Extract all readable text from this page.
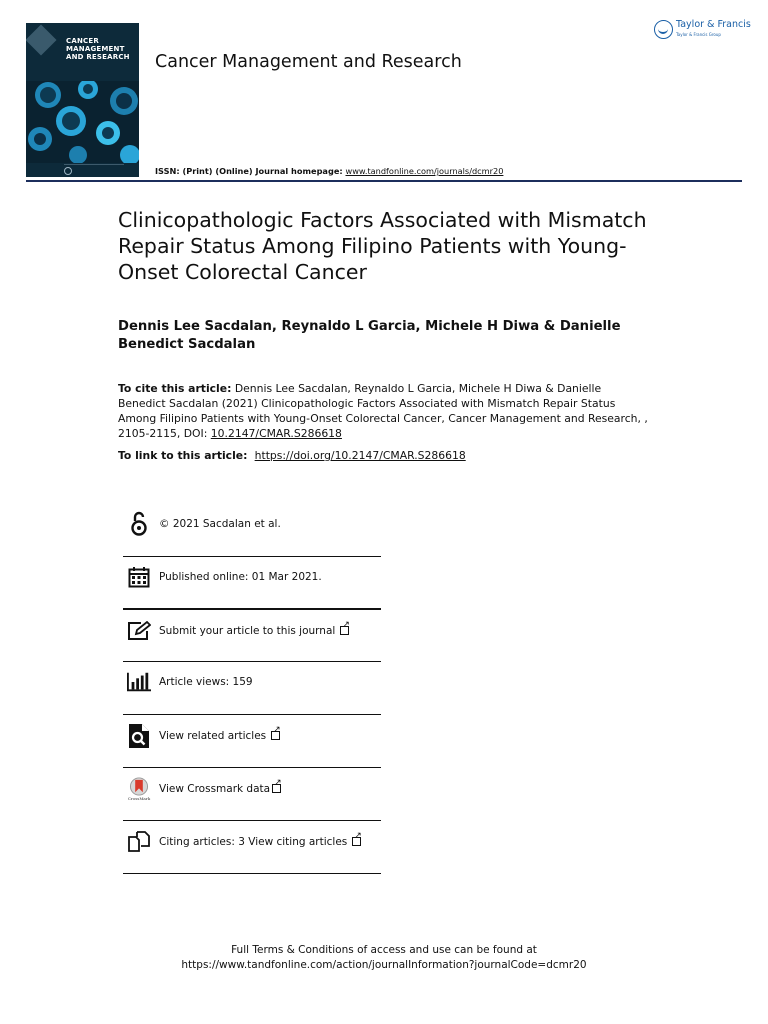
CANCER MANAGEMENT AND RESEARCH	Cancer Management and Research
Taylor & Francis
Taylor & Francis Group
ISSN: (Print) (Online) Journal homepage: www.tandfonline.com/journals/dcmr20
Clinicopathologic Factors Associated with Mismatch Repair Status Among Filipino Patients with Young-Onset Colorectal Cancer
Dennis Lee Sacdalan, Reynaldo L Garcia, Michele H Diwa & Danielle Benedict Sacdalan
To cite this article: Dennis Lee Sacdalan, Reynaldo L Garcia, Michele H Diwa & Danielle Benedict Sacdalan (2021) Clinicopathologic Factors Associated with Mismatch Repair Status Among Filipino Patients with Young-Onset Colorectal Cancer, Cancer Management and Research, , 2105-2115, DOI: 10.2147/CMAR.S286618
To link to this article:  https://doi.org/10.2147/CMAR.S286618
© 2021 Sacdalan et al.
Published online: 01 Mar 2021.
Submit your article to this journal↗
Article views: 159
View related articles↗
CrossMark
View Crossmark data↗
Citing articles: 3 View citing articles↗
Full Terms & Conditions of access and use can be found at
https://www.tandfonline.com/action/journalInformation?journalCode=dcmr20
